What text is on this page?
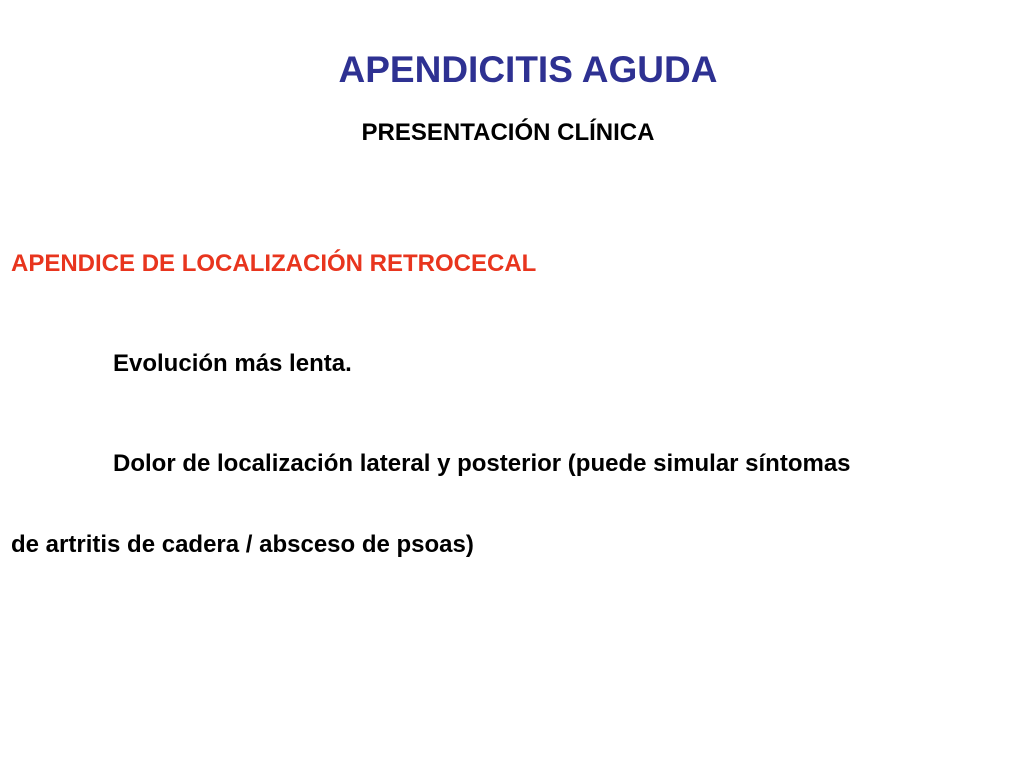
APENDICITIS AGUDA
PRESENTACIÓN CLÍNICA
APENDICE DE LOCALIZACIÓN RETROCECAL
Evolución más lenta.
Dolor de localización lateral y posterior (puede simular síntomas
de artritis de cadera / absceso de psoas)
